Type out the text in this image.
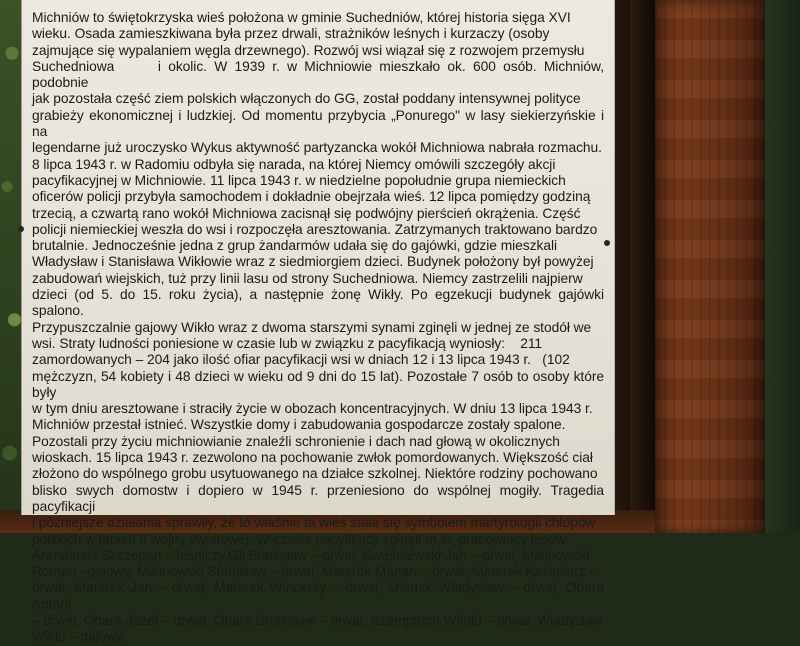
Michniów to świętokrzyska wieś położona w gminie Suchedniów, której historia sięga XVI
wieku. Osada zamieszkiwana była przez drwali, strażników leśnych i kurzaczy (osoby
zajmujące się wypalaniem węgla drzewnego). Rozwój wsi wiązał się z rozwojem przemysłu
Suchedniowa      i okolic. W 1939 r. w Michniowie mieszkało ok. 600 osób. Michniów, podobnie
jak pozostała część ziem polskich włączonych do GG, został poddany intensywnej polityce
grabieży ekonomicznej i ludzkiej. Od momentu przybycia „Ponurego" w lasy siekierzyńskie i na
legendarne już uroczysko Wykus aktywność partyzancka wokół Michniowa nabrała rozmachu.
8 lipca 1943 r. w Radomiu odbyła się narada, na której Niemcy omówili szczegóły akcji
pacyfikacyjnej w Michniowie. 11 lipca 1943 r. w niedzielne popołudnie grupa niemieckich
oficerów policji przybyła samochodem i dokładnie obejrzała wieś. 12 lipca pomiędzy godziną
trzecią, a czwartą rano wokół Michniowa zacisnął się podwójny pierścień okrążenia. Część
policji niemieckiej weszła do wsi i rozpoczęła aresztowania. Zatrzymanych traktowano bardzo
brutalnie. Jednocześnie jedna z grup żandarmów udała się do gajówki, gdzie mieszkali
Władysław i Stanisława Wikłowie wraz z siedmiorgiem dzieci. Budynek położony był powyżej
zabudowań wiejskich, tuż przy linii lasu od strony Suchedniowa. Niemcy zastrzelili najpierw
dzieci (od 5. do 15. roku życia), a następnie żonę Wikły. Po egzekucji budynek gajówki spalono.
Przypuszczalnie gajowy Wikło wraz z dwoma starszymi synami zginęli w jednej ze stodół we
wsi. Straty ludności poniesione w czasie lub w związku z pacyfikacją wyniosły:    211
zamordowanych – 204 jako ilość ofiar pacyfikacji wsi w dniach 12 i 13 lipca 1943 r.   (102
mężczyzn, 54 kobiety i 48 dzieci w wieku od 9 dni do 15 lat). Pozostałe 7 osób to osoby które były
w tym dniu aresztowane i straciły życie w obozach koncentracyjnych. W dniu 13 lipca 1943 r.
Michniów przestał istnieć. Wszystkie domy i zabudowania gospodarcze zostały spalone.
Pozostali przy życiu michniowianie znaleźli schronienie i dach nad głową w okolicznych
wioskach. 15 lipca 1943 r. zezwolono na pochowanie zwłok pomordowanych. Większość ciał
złożono do wspólnego grobu usytuowanego na działce szkolnej. Niektóre rodziny pochowano
blisko swych domostw i dopiero w 1945 r. przeniesiono do wspólnej mogiły. Tragedia pacyfikacji
i późniejsze działania sprawiły, że to właśnie ta wieś stała się symbolem martyrologii chłopów
polskich w latach II wojny światowej. W czasie pacyfikacji zginęli m.in. pracownicy lasów:
Arendarski Szczepan – leśniczy,Gil Stanisław – drwal, Kwaśniewski Jan – drwal, Malinowski
Roman –gajowy, Malinowski Stanisław – drwal, Materek Marian – drwal, Materek Kazimierz –
drwal, Materek Jan – drwal, Materek Wincenty – drwal, Miernik Władysław – drwal, Obara Antoni
– drwal, Obara Józef – drwal, Obara Bronisław – drwal, Szampruch Witold – drwal, Władysław
Wikło – gajowy.
